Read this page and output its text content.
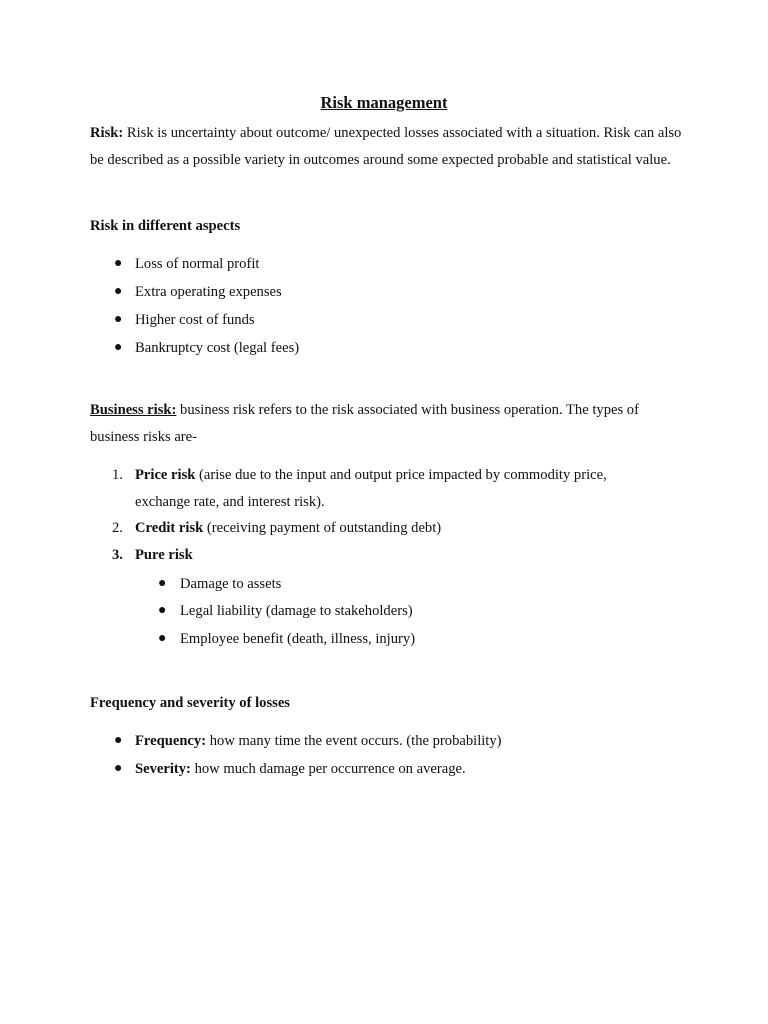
Risk management

Risk: Risk is uncertainty about outcome/ unexpected losses associated with a situation. Risk can also be described as a possible variety in outcomes around some expected probable and statistical value.

Risk in different aspects
● Loss of normal profit
● Extra operating expenses
● Higher cost of funds
● Bankruptcy cost (legal fees)

Business risk: business risk refers to the risk associated with business operation. The types of business risks are-

1. Price risk (arise due to the input and output price impacted by commodity price, exchange rate, and interest risk).
2. Credit risk (receiving payment of outstanding debt)
3. Pure risk
● Damage to assets
● Legal liability (damage to stakeholders)
● Employee benefit (death, illness, injury)
Frequency and severity of losses
● Frequency: how many time the event occurs. (the probability)
● Severity: how much damage per occurrence on average.
